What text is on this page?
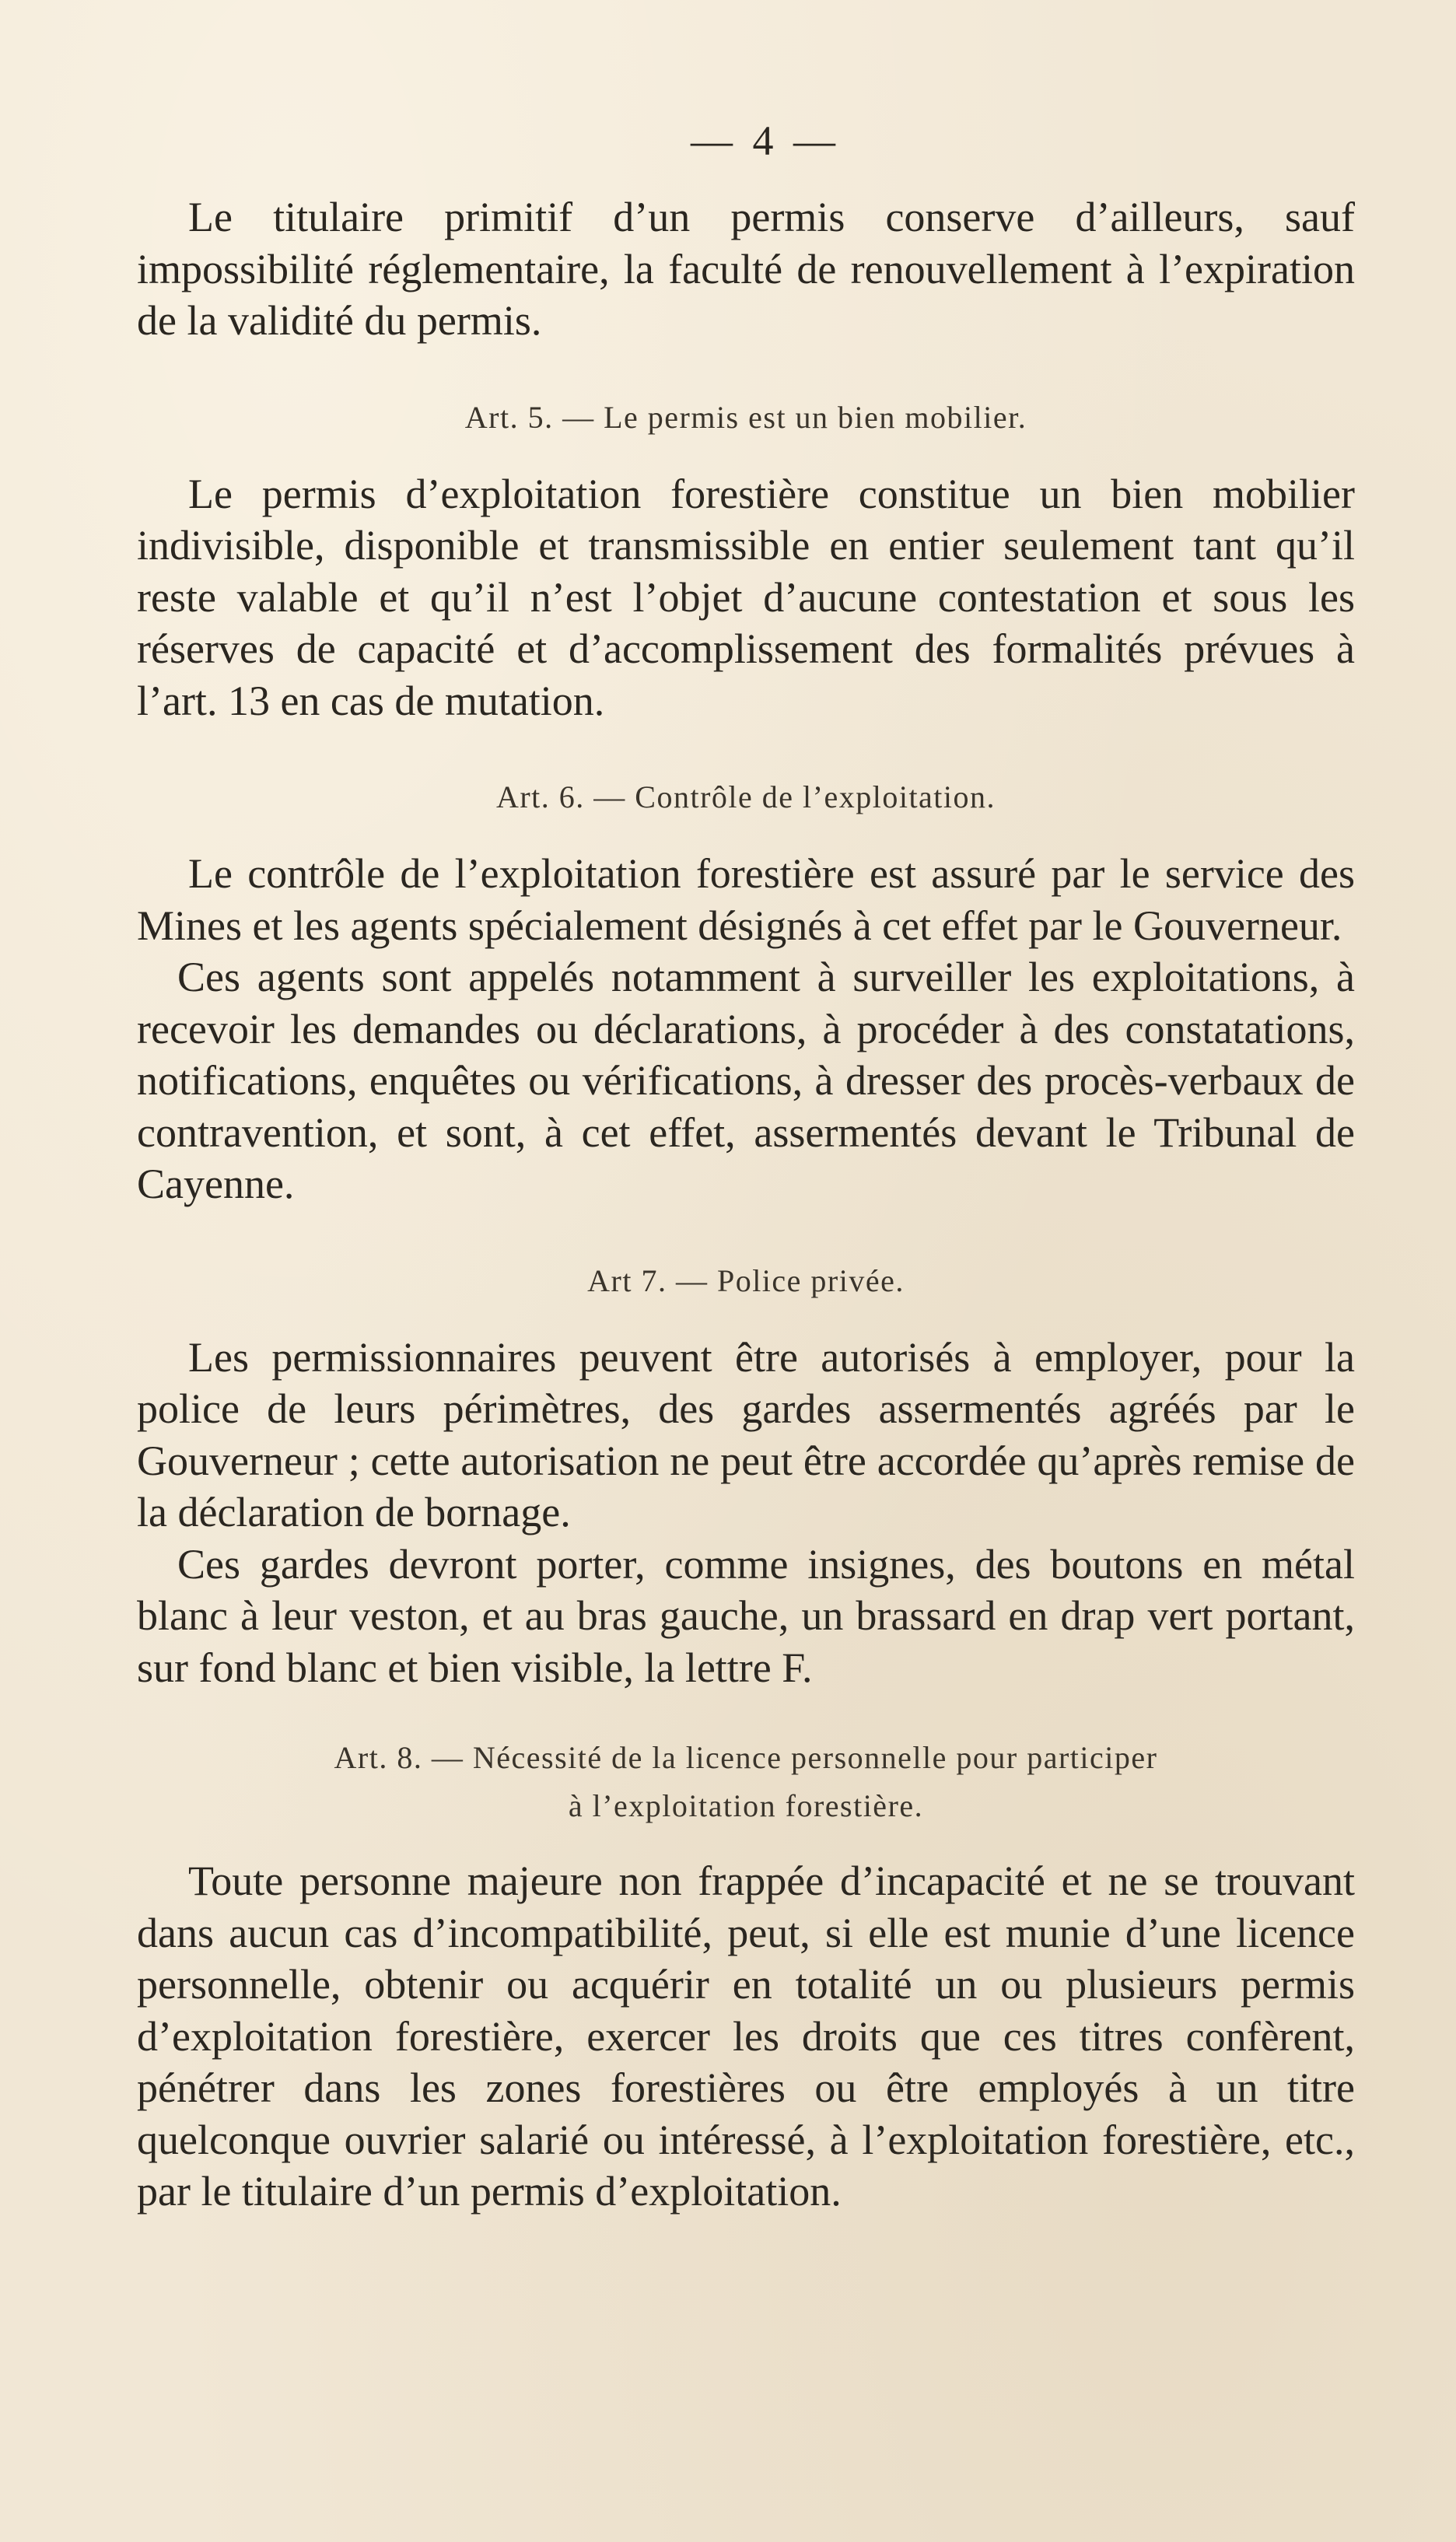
— 4 —

Le titulaire primitif d’un permis conserve d’ailleurs, sauf impossibilité réglementaire, la faculté de renouvellement à l’expiration de la validité du permis.

Art. 5. — Le permis est un bien mobilier.

Le permis d’exploitation forestière constitue un bien mobilier indivisible, disponible et transmissible en entier seulement tant qu’il reste valable et qu’il n’est l’objet d’aucune contestation et sous les réserves de capacité et d’accomplissement des formalités prévues à l’art. 13 en cas de mutation.

Art. 6. — Contrôle de l’exploitation.

Le contrôle de l’exploitation forestière est assuré par le service des Mines et les agents spécialement désignés à cet effet par le Gouverneur.

Ces agents sont appelés notamment à surveiller les exploitations, à recevoir les demandes ou déclarations, à procéder à des constatations, notifications, enquêtes ou vérifications, à dresser des procès-verbaux de contravention, et sont, à cet effet, assermentés devant le Tribunal de Cayenne.

Art 7. — Police privée.

Les permissionnaires peuvent être autorisés à employer, pour la police de leurs périmètres, des gardes assermentés agréés par le Gouverneur ; cette autorisation ne peut être accordée qu’après remise de la déclaration de bornage.

Ces gardes devront porter, comme insignes, des boutons en métal blanc à leur veston, et au bras gauche, un brassard en drap vert portant, sur fond blanc et bien visible, la lettre F.

Art. 8. — Nécessité de la licence personnelle pour participer
à l’exploitation forestière.

Toute personne majeure non frappée d’incapacité et ne se trouvant dans aucun cas d’incompatibilité, peut, si elle est munie d’une licence personnelle, obtenir ou acquérir en totalité un ou plusieurs permis d’exploitation forestière, exercer les droits que ces titres confèrent, pénétrer dans les zones forestières ou être employés à un titre quelconque ouvrier salarié ou intéressé, à l’exploitation forestière, etc., par le titulaire d’un permis d’exploitation.
